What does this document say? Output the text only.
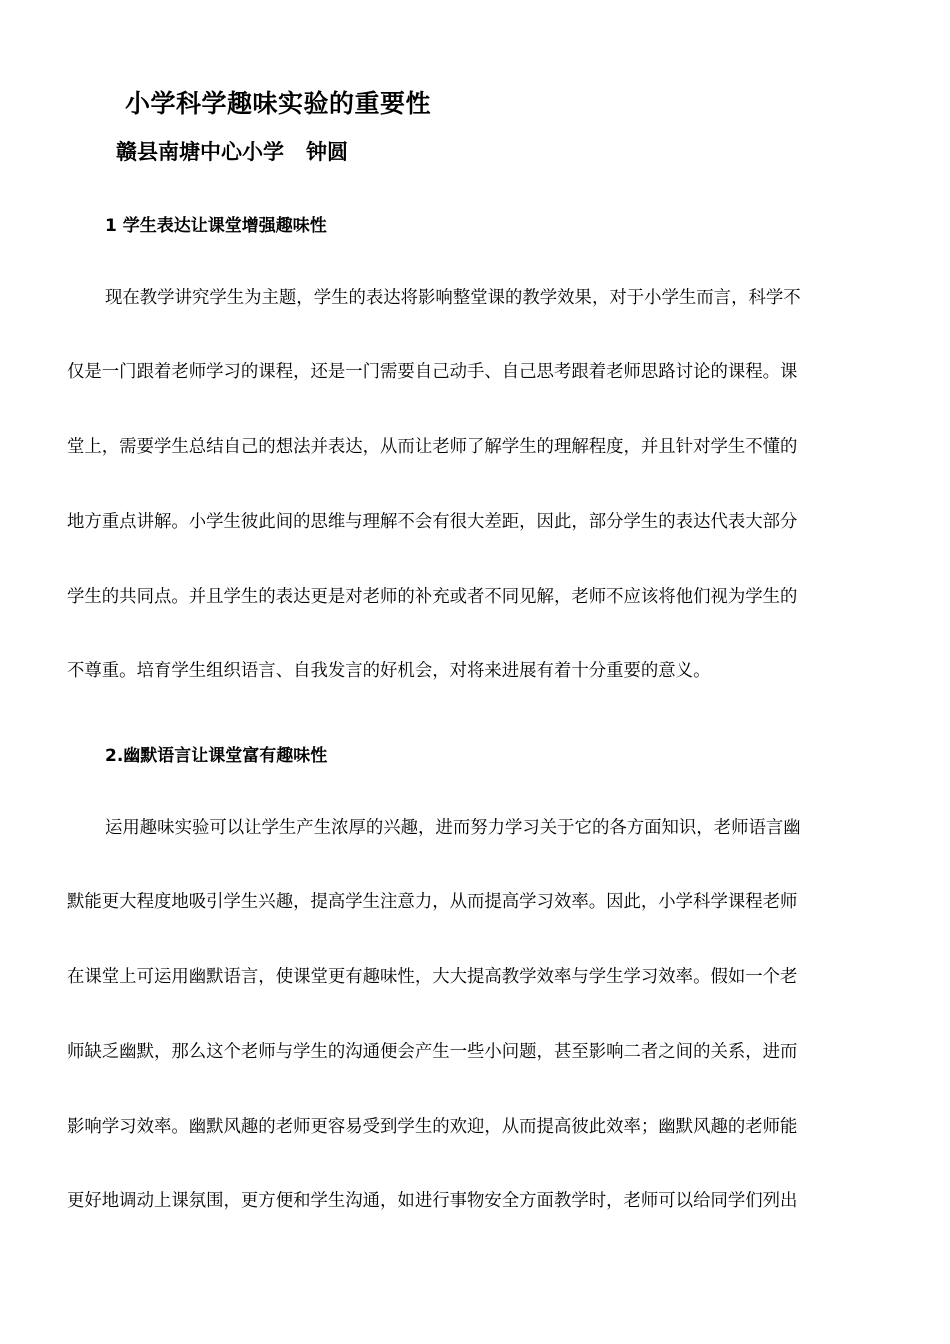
小学科学趣味实验的重要性
赣县南塘中心小学 钟圆
1 学生表达让课堂增强趣味性
现在教学讲究学生为主题，学生的表达将影响整堂课的教学效果，对于小学生而言，科学不
仅是一门跟着老师学习的课程，还是一门需要自己动手、自己思考跟着老师思路讨论的课程。课
堂上，需要学生总结自己的想法并表达，从而让老师了解学生的理解程度，并且针对学生不懂的
地方重点讲解。小学生彼此间的思维与理解不会有很大差距，因此，部分学生的表达代表大部分
学生的共同点。并且学生的表达更是对老师的补充或者不同见解，老师不应该将他们视为学生的
不尊重。培育学生组织语言、自我发言的好机会，对将来进展有着十分重要的意义。
2.幽默语言让课堂富有趣味性
运用趣味实验可以让学生产生浓厚的兴趣，进而努力学习关于它的各方面知识，老师语言幽
默能更大程度地吸引学生兴趣，提高学生注意力，从而提高学习效率。因此，小学科学课程老师
在课堂上可运用幽默语言，使课堂更有趣味性，大大提高教学效率与学生学习效率。假如一个老
师缺乏幽默，那么这个老师与学生的沟通便会产生一些小问题，甚至影响二者之间的关系，进而
影响学习效率。幽默风趣的老师更容易受到学生的欢迎，从而提高彼此效率；幽默风趣的老师能
更好地调动上课氛围，更方便和学生沟通，如进行事物安全方面教学时，老师可以给同学们列出
